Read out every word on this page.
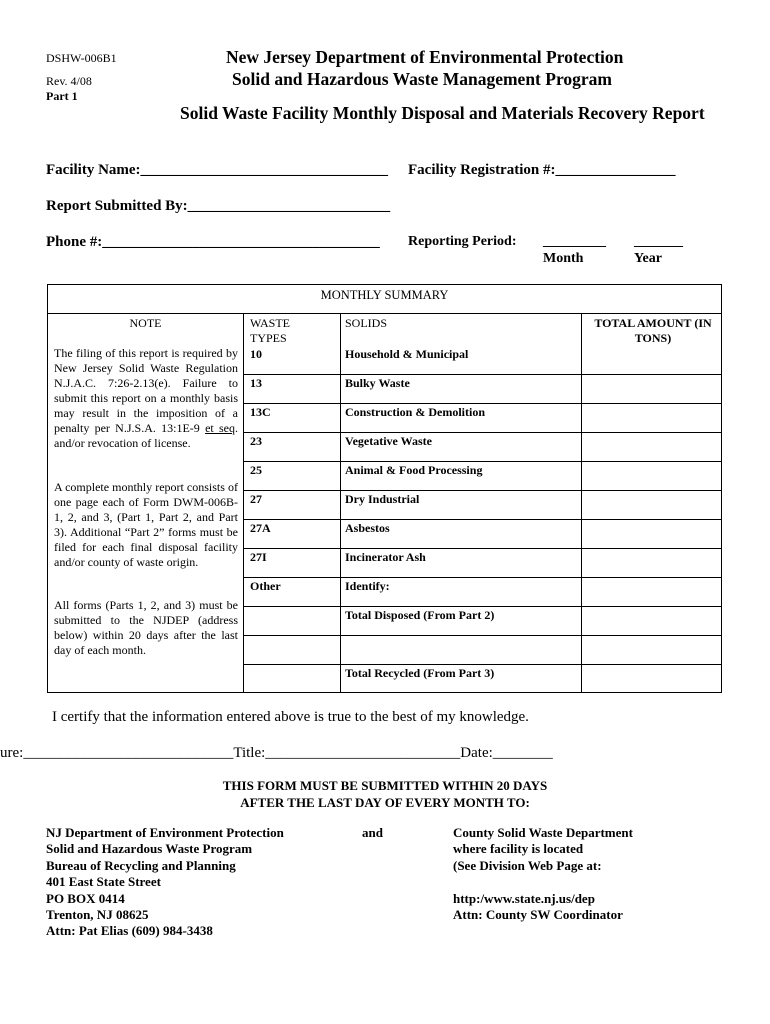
DSHW-006B1
Rev. 4/08
Part 1
New Jersey Department of Environmental Protection
Solid and Hazardous Waste Management Program
Solid Waste Facility Monthly Disposal and Materials Recovery Report
Facility Name:_________________________________ Facility Registration #:________________
Report Submitted By:___________________________
Phone #:_____________________________________ Reporting Period: _________ _______
Month	Year
MONTHLY SUMMARY
NOTE	WASTE TYPES
SOLIDS	TOTAL AMOUNT (IN TONS)
10	Household & Municipal
13	Bulky Waste
13C	Construction & Demolition
23	Vegetative Waste
25	Animal & Food Processing
27	Dry Industrial
27A	Asbestos
27I	Incinerator Ash
Other	Identify:
Total Disposed (From Part 2)
Total Recycled (From Part 3)
The filing of this report is required by New Jersey Solid Waste Regulation N.J.A.C. 7:26-2.13(e). Failure to submit this report on a monthly basis may result in the imposition of a penalty per N.J.S.A. 13:1E-9 et seq. and/or revocation of license.
A complete monthly report consists of one page each of Form DWM-006B-1, 2, and 3, (Part 1, Part 2, and Part 3). Additional “Part 2” forms must be filed for each final disposal facility and/or county of waste origin.
All forms (Parts 1, 2, and 3) must be submitted to the NJDEP (address below) within 20 days after the last day of each month.
I certify that the information entered above is true to the best of my knowledge.
ure:____________________________Title:__________________________Date:________
THIS FORM MUST BE SUBMITTED WITHIN 20 DAYS
AFTER THE LAST DAY OF EVERY MONTH TO:
NJ Department of Environment Protection
Solid and Hazardous Waste Program
Bureau of Recycling and Planning
401 East State Street
PO BOX 0414
Trenton, NJ 08625
Attn: Pat Elias (609) 984-3438
and	County Solid Waste Department
where facility is located
(See Division Web Page at:
http:/www.state.nj.us/dep
Attn: County SW Coordinator
